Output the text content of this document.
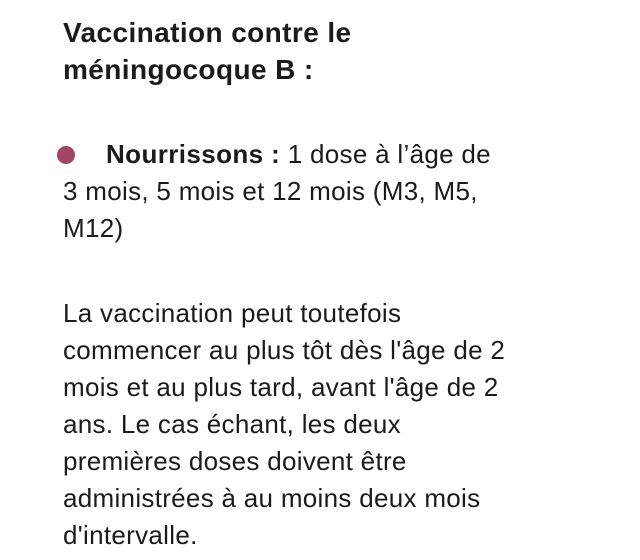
Vaccination contre le
méningocoque B :
Nourrissons : 1 dose à l’âge de
3 mois, 5 mois et 12 mois (M3, M5,
M12)
La vaccination peut toutefois
commencer au plus tôt dès l'âge de 2
mois et au plus tard, avant l'âge de 2
ans. Le cas échant, les deux
premières doses doivent être
administrées à au moins deux mois
d'intervalle.
